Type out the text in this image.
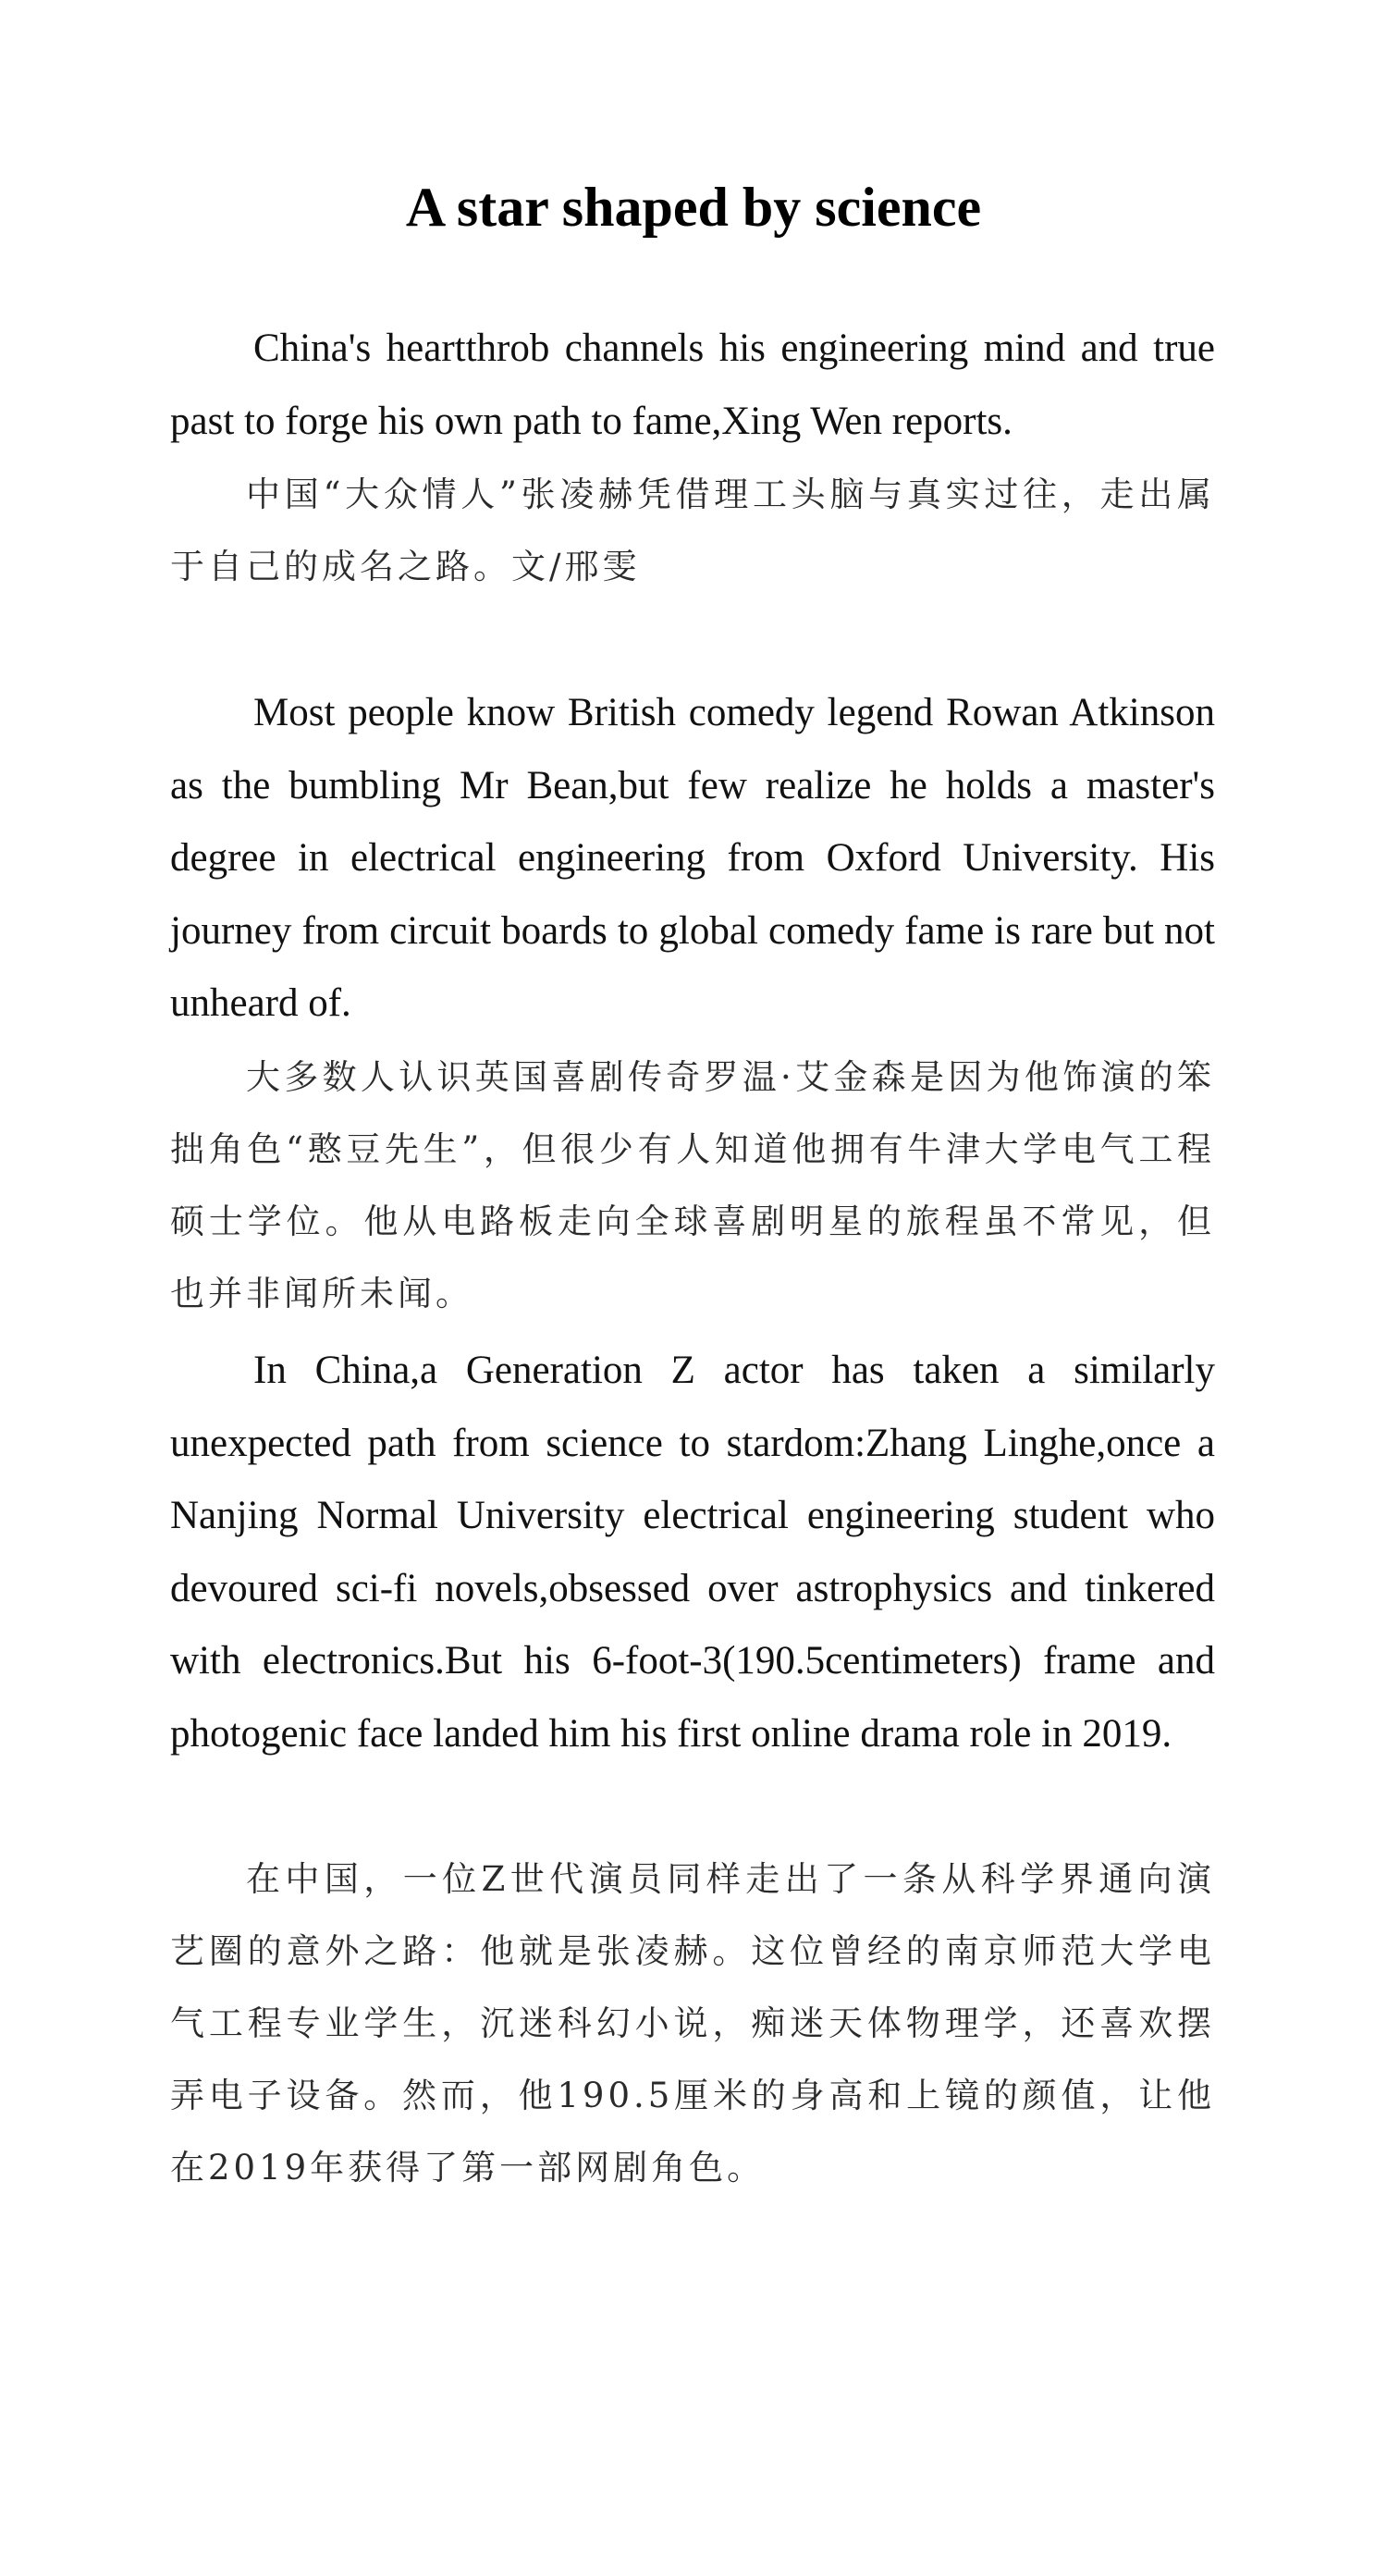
A star shaped by science

China's heartthrob channels his engineering mind and true past to forge his own path to fame,Xing Wen reports.

中国“大众情人”张凌赫凭借理工头脑与真实过往，走出属于自己的成名之路。文/邢雯

Most people know British comedy legend Rowan Atkinson as the bumbling Mr Bean,but few realize he holds a master's degree in electrical engineering from Oxford University. His journey from circuit boards to global comedy fame is rare but not unheard of.

大多数人认识英国喜剧传奇罗温·艾金森是因为他饰演的笨拙角色“憨豆先生”，但很少有人知道他拥有牛津大学电气工程硕士学位。他从电路板走向全球喜剧明星的旅程虽不常见，但也并非闻所未闻。

In China,a Generation Z actor has taken a similarly unexpected path from science to stardom:Zhang Linghe,once a Nanjing Normal University electrical engineering student who devoured sci-fi novels,obsessed over astrophysics and tinkered with electronics.But his 6-foot-3(190.5centimeters) frame and photogenic face landed him his first online drama role in 2019.

在中国，一位Z世代演员同样走出了一条从科学界通向演艺圈的意外之路：他就是张凌赫。这位曾经的南京师范大学电气工程专业学生，沉迷科幻小说，痴迷天体物理学，还喜欢摆弄电子设备。然而，他190.5厘米的身高和上镜的颜值，让他在2019年获得了第一部网剧角色。
